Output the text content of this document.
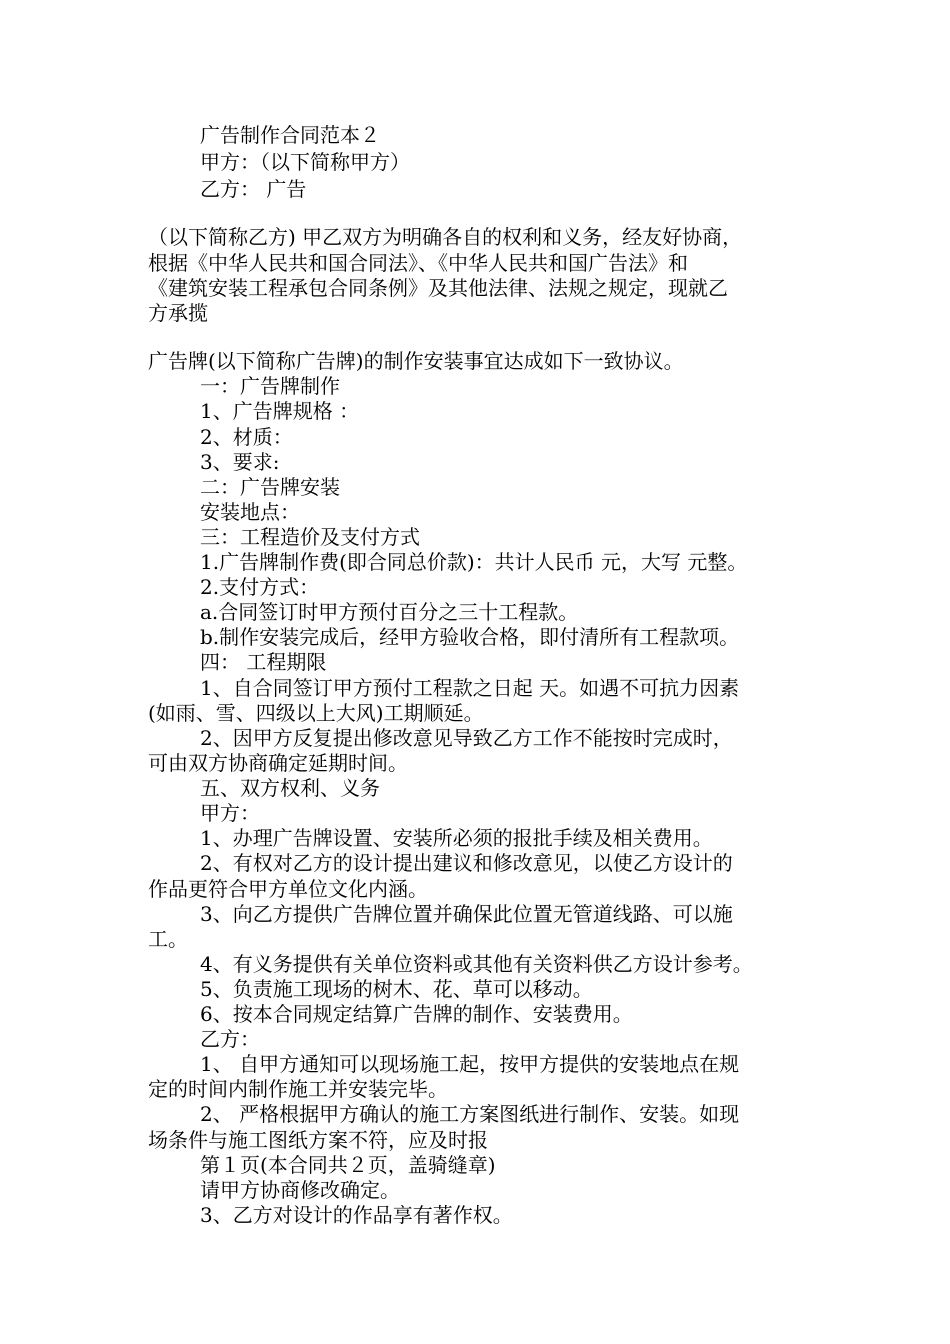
广告制作合同范本２
甲方：（以下简称甲方）
乙方： 广告
（以下简称乙方) 甲乙双方为明确各自的权利和义务，经友好协商，
根据《中华人民共和国合同法》、《中华人民共和国广告法》和
《建筑安装工程承包合同条例》及其他法律、法规之规定，现就乙
方承揽
广告牌(以下简称广告牌)的制作安装事宜达成如下一致协议。
一：广告牌制作
1、广告牌规格 ：
2、材质：
3、要求:
二：广告牌安装
安装地点：
三：工程造价及支付方式
1.广告牌制作费(即合同总价款)：共计人民币 元，大写 元整。
2.支付方式：
a.合同签订时甲方预付百分之三十工程款。
b.制作安装完成后，经甲方验收合格，即付清所有工程款项。
四： 工程期限
1、自合同签订甲方预付工程款之日起 天。如遇不可抗力因素
(如雨、雪、四级以上大风)工期顺延。
2、因甲方反复提出修改意见导致乙方工作不能按时完成时，
可由双方协商确定延期时间。
五、双方权利、义务
甲方：
1、办理广告牌设置、安装所必须的报批手续及相关费用。
2、有权对乙方的设计提出建议和修改意见，以使乙方设计的
作品更符合甲方单位文化内涵。
3、向乙方提供广告牌位置并确保此位置无管道线路、可以施
工。
4、有义务提供有关单位资料或其他有关资料供乙方设计参考。
5、负责施工现场的树木、花、草可以移动。
6、按本合同规定结算广告牌的制作、安装费用。
乙方：
1、 自甲方通知可以现场施工起，按甲方提供的安装地点在规
定的时间内制作施工并安装完毕。
2、 严格根据甲方确认的施工方案图纸进行制作、安装。如现
场条件与施工图纸方案不符，应及时报
第１页(本合同共２页，盖骑缝章)
请甲方协商修改确定。
3、乙方对设计的作品享有著作权。
